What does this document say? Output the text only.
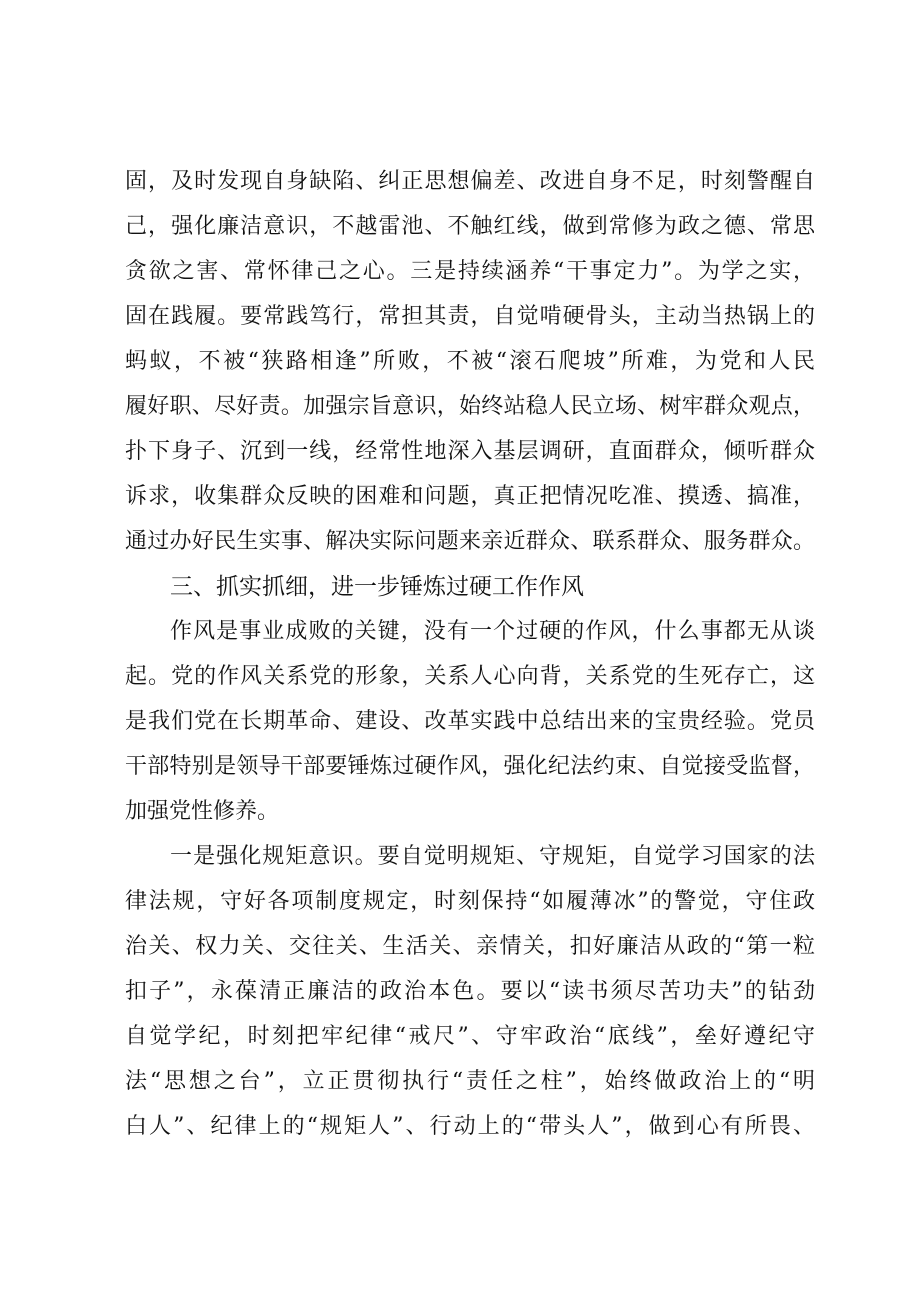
固，及时发现自身缺陷、纠正思想偏差、改进自身不足，时刻警醒自
己，强化廉洁意识，不越雷池、不触红线，做到常修为政之德、常思
贪欲之害、常怀律己之心。三是持续涵养“干事定力”。为学之实，
固在践履。要常践笃行，常担其责，自觉啃硬骨头，主动当热锅上的
蚂蚁，不被“狭路相逢”所败，不被“滚石爬坡”所难，为党和人民
履好职、尽好责。加强宗旨意识，始终站稳人民立场、树牢群众观点，
扑下身子、沉到一线，经常性地深入基层调研，直面群众，倾听群众
诉求，收集群众反映的困难和问题，真正把情况吃准、摸透、搞准，
通过办好民生实事、解决实际问题来亲近群众、联系群众、服务群众。
三、抓实抓细，进一步锤炼过硬工作作风
作风是事业成败的关键，没有一个过硬的作风，什么事都无从谈
起。党的作风关系党的形象，关系人心向背，关系党的生死存亡，这
是我们党在长期革命、建设、改革实践中总结出来的宝贵经验。党员
干部特别是领导干部要锤炼过硬作风，强化纪法约束、自觉接受监督，
加强党性修养。
一是强化规矩意识。要自觉明规矩、守规矩，自觉学习国家的法
律法规，守好各项制度规定，时刻保持“如履薄冰”的警觉，守住政
治关、权力关、交往关、生活关、亲情关，扣好廉洁从政的“第一粒
扣子”，永葆清正廉洁的政治本色。要以“读书须尽苦功夫”的钻劲
自觉学纪，时刻把牢纪律“戒尺”、守牢政治“底线”，垒好遵纪守
法“思想之台”，立正贯彻执行“责任之柱”，始终做政治上的“明
白人”、纪律上的“规矩人”、行动上的“带头人”，做到心有所畏、
